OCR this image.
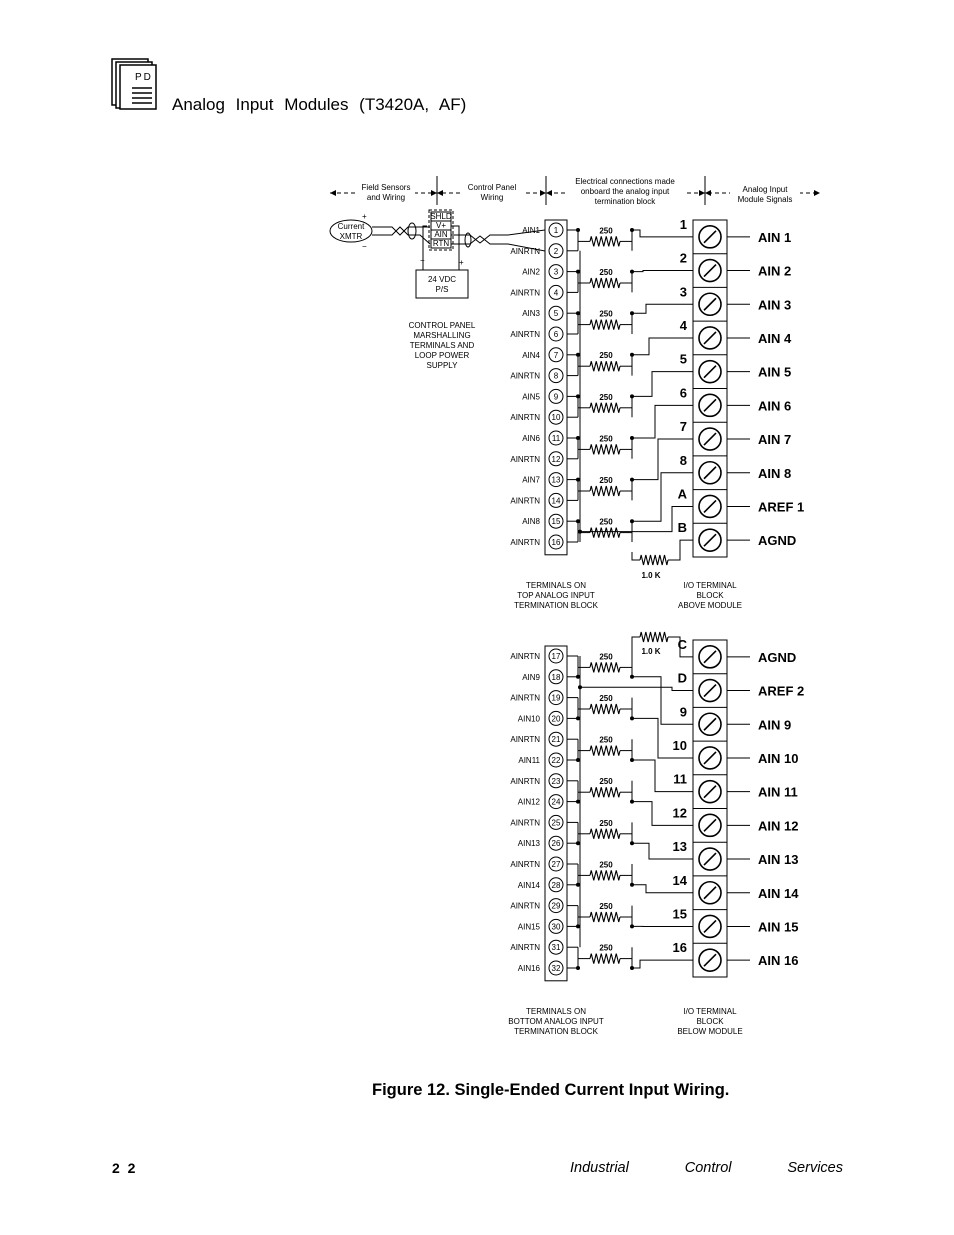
PD
Analog Input Modules (T3420A, AF)
Field Sensors
and Wiring
Control Panel
Wiring
Electrical connections made
onboard the analog input
termination block
Analog Input
Module Signals
Current
XMTR
+
−
SHLD
V+
AIN
RTN
24 VDC
P/S
−	+
CONTROL PANEL
MARSHALLING
TERMINALS AND
LOOP POWER
SUPPLY
1
AIN1
2
AINRTN
3
AIN2
4
AINRTN
5
AIN3
6
AINRTN
7
AIN4
8
AINRTN
9
AIN5
10
AINRTN
11
AIN6
12
AINRTN
13
AIN7
14
AINRTN
15
AIN8
16
AINRTN
1
AIN 1
2
AIN 2
3
AIN 3
4
AIN 4
5
AIN 5
6
AIN 6
7
AIN 7
8
AIN 8
A
AREF 1
B
AGND
250
250
250
250
250
250
250
250
1.0 K
TERMINALS ON
TOP ANALOG INPUT
TERMINATION BLOCK
I/O TERMINAL
BLOCK
ABOVE MODULE
17
AINRTN
18
AIN9
19
AINRTN
20
AIN10
21
AINRTN
22
AIN11
23
AINRTN
24
AIN12
25
AINRTN
26
AIN13
27
AINRTN
28
AIN14
29
AINRTN
30
AIN15
31
AINRTN
32
AIN16
C
AGND
D
AREF 2
9
AIN 9
10
AIN 10
11
AIN 11
12
AIN 12
13
AIN 13
14
AIN 14
15
AIN 15
16
AIN 16
250
250
250
250
250
250
250
250
1.0 K
TERMINALS ON
BOTTOM ANALOG INPUT
TERMINATION BLOCK
I/O TERMINAL
BLOCK
BELOW MODULE
Figure 12. Single-Ended Current Input Wiring.
2 2	Industrial	Control	Services
